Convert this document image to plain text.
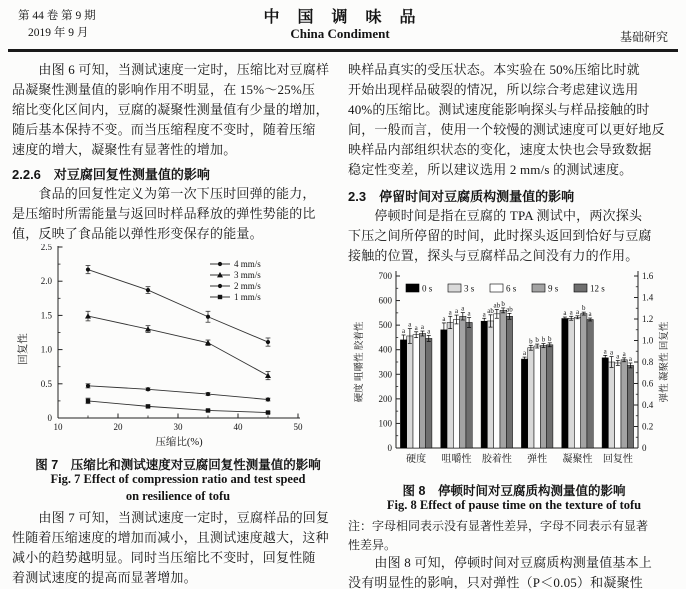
第 44 卷 第 9 期
2019 年 9 月
中 国 调 味 品
China Condiment	基础研究
　　由图 6 可知，当测试速度一定时，压缩比对豆腐样
品凝聚性测量值的影响作用不明显，在 15%～25%压
缩比变化区间内，豆腐的凝聚性测量值有少量的增加，
随后基本保持不变。而当压缩程度不变时，随着压缩
速度的增大，凝聚性有显著性的增加。
2.2.6　对豆腐回复性测量值的影响
　　食品的回复性定义为第一次下压时回弹的能力，
是压缩时所需能量与返回时样品释放的弹性势能的比
值，反映了食品能以弹性形变保存的能量。
10	20	30	40	50
0
0.5
1.0
1.5
2.0
2.5
压缩比(%)
回复性
4 mm/s
3 mm/s
2 mm/s
1 mm/s
图 7　压缩比和测试速度对豆腐回复性测量值的影响
Fig. 7 Effect of compression ratio and test speed
on resilience of tofu
　　由图 7 可知，当测试速度一定时，豆腐样品的回复
性随着压缩速度的增加而减小，且测试速度越大，这种
减小的趋势越明显。同时当压缩比不变时，回复性随
着测试速度的提高而显著增加。
映样品真实的受压状态。本实验在 50%压缩比时就
开始出现样品破裂的情况，所以综合考虑建议选用
40%的压缩比。测试速度能影响探头与样品接触的时
间，一般而言，使用一个较慢的测试速度可以更好地反
映样品内部组织状态的变化，速度太快也会导致数据
稳定性变差，所以建议选用 2 mm/s 的测试速度。
2.3　停留时间对豆腐质构测量值的影响
　　停顿时间是指在豆腐的 TPA 测试中，两次探头
下压之间所停留的时间，此时探头返回到恰好与豆腐
接触的位置，探头与豆腐样品之间没有力的作用。
0
100
200
300
400
500
600
700
0
0.2
0.4
0.6
0.8
1.0
1.2
1.4
1.6
硬度 咀嚼性 胶着性 弹性 凝聚性 回复性
硬度 咀嚼性 胶着性	弹性 凝聚性 回复性
a
a
a
a
a
a
a
a	ab
b
a
a
a
a
ab
b
a
a
a
a
b
b
b
a
a
a
ab
b
a
a
0 s	3 s	6 s	9 s	12 s
图 8　停顿时间对豆腐质构测量值的影响
Fig. 8 Effect of pause time on the texture of tofu
注：字母相同表示没有显著性差异，字母不同表示有显著
性差异。
　　由图 8 可知，停顿时间对豆腐质构测量值基本上
没有明显性的影响，只对弹性（P＜0.05）和凝聚性
